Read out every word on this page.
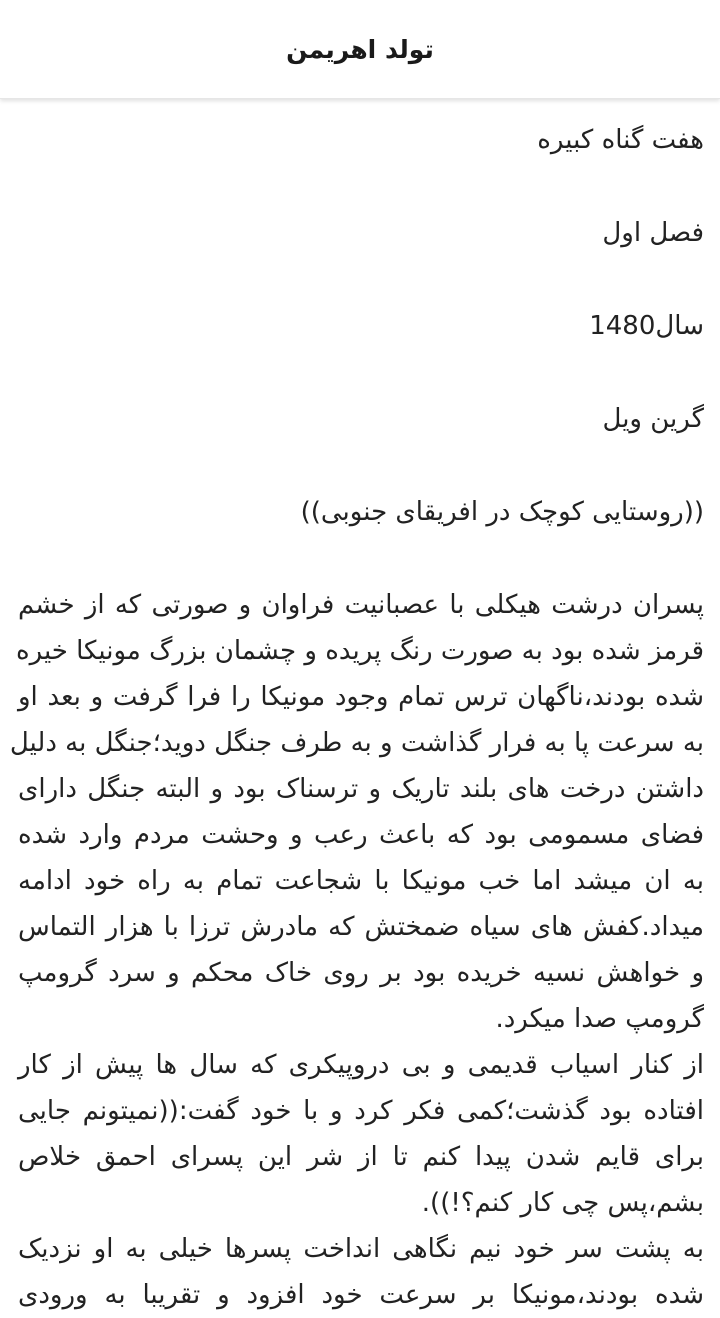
تولد اهریمن

هفت گناه کبیره

فصل اول

سال1480

گرین ویل

((روستایی کوچک در افریقای جنوبی))

پسران درشت هیکلی با عصبانیت فراوان و صورتی که از خشم
قرمز شده بود به صورت رنگ پریده و چشمان بزرگ مونیکا خیره
شده بودند،ناگهان ترس تمام وجود مونیکا را فرا گرفت و بعد او
به سرعت پا به فرار گذاشت و به طرف جنگل دوید؛جنگل به دلیل
داشتن درخت های بلند تاریک و ترسناک بود و البته جنگل دارای
فضای مسمومی بود که باعث رعب و وحشت مردم وارد شده
به ان میشد اما خب مونیکا با شجاعت تمام به راه خود ادامه
میداد.کفش های سیاه ضمختش که مادرش ترزا با هزار التماس
و خواهش نسیه خریده بود بر روی خاک محکم و سرد گرومپ
گرومپ صدا میکرد.
از کنار اسیاب قدیمی و بی دروپیکری که سال ها پیش از کار
افتاده بود گذشت؛کمی فکر کرد و با خود گفت:((نمیتونم جایی
برای قایم شدن پیدا کنم تا از شر این پسرای احمق خلاص
بشم،پس چی کار کنم؟!)).
به پشت سر خود نیم نگاهی انداخت پسرها خیلی به او نزدیک
شده بودند،مونیکا بر سرعت خود افزود و تقریبا به ورودی
